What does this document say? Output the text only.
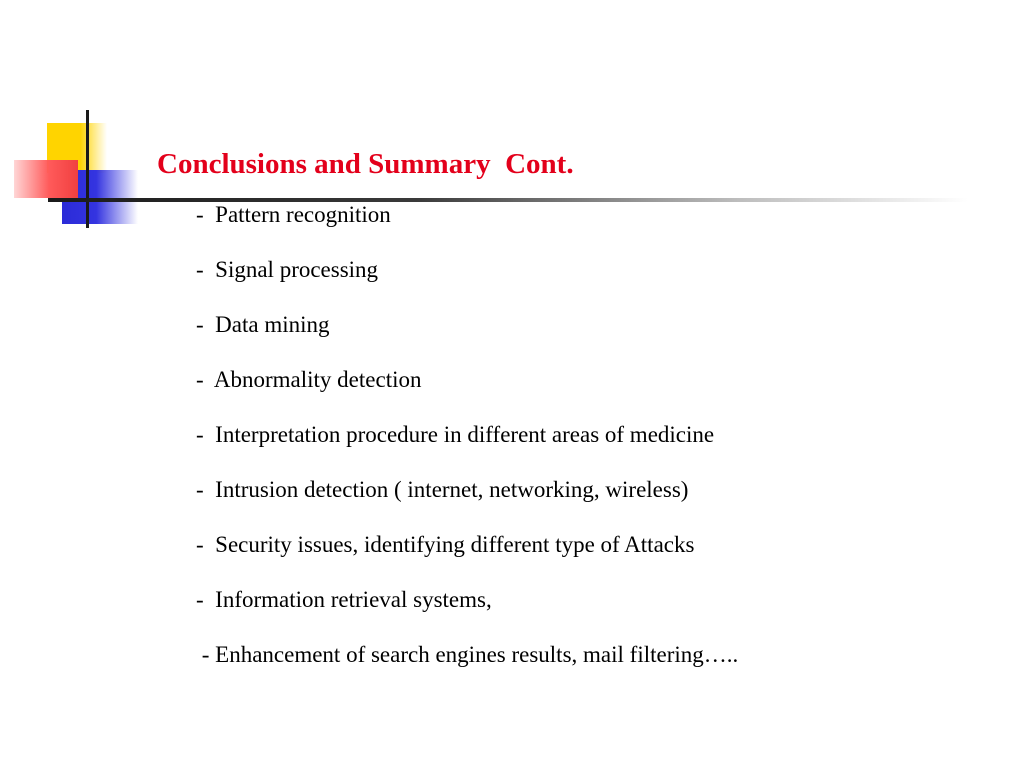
Conclusions and Summary  Cont.
-  Pattern recognition
-  Signal processing
-  Data mining
-  Abnormality detection
-  Interpretation procedure in different areas of medicine
-  Intrusion detection ( internet, networking, wireless)
-  Security issues, identifying different type of Attacks
-  Information retrieval systems,
- Enhancement of search engines results, mail filtering…..
